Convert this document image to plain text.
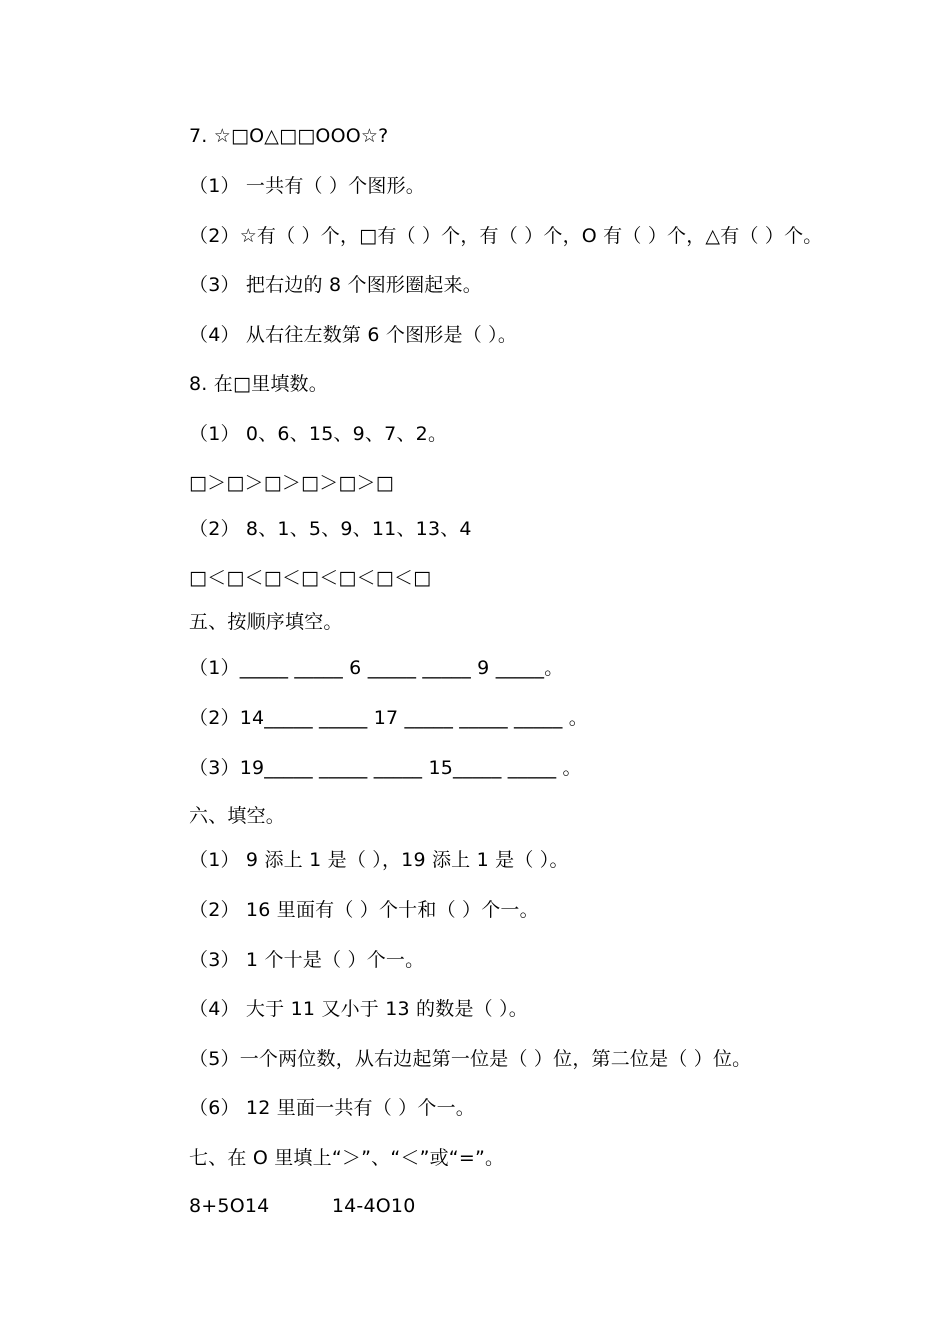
7. ☆□O△□□OOO☆?
（1） 一共有（ ）个图形。
（2）☆有（ ）个，□有（ ）个，有（ ）个，O 有（ ）个，△有（ ）个。
（3） 把右边的 8 个图形圈起来。
（4） 从右往左数第 6 个图形是（ ）。
8. 在□里填数。
（1） 0、6、15、9、7、2。
□＞□＞□＞□＞□＞□
（2） 8、1、5、9、11、13、4
□＜□＜□＜□＜□＜□＜□
五、按顺序填空。
（1）_____ _____ 6 _____ _____ 9 _____。
（2）14_____ _____ 17 _____ _____ _____ 。
（3）19_____ _____ _____ 15_____ _____ 。
六、填空。
（1） 9 添上 1 是（ ），19 添上 1 是（ ）。
（2） 16 里面有（ ）个十和（ ）个一。
（3） 1 个十是（ ）个一。
（4） 大于 11 又小于 13 的数是（ ）。
（5）一个两位数，从右边起第一位是（ ）位，第二位是（ ）位。
（6） 12 里面一共有（ ）个一。
七、在 O 里填上“＞”、“＜”或“=”。
8+5O14          14-4O10
